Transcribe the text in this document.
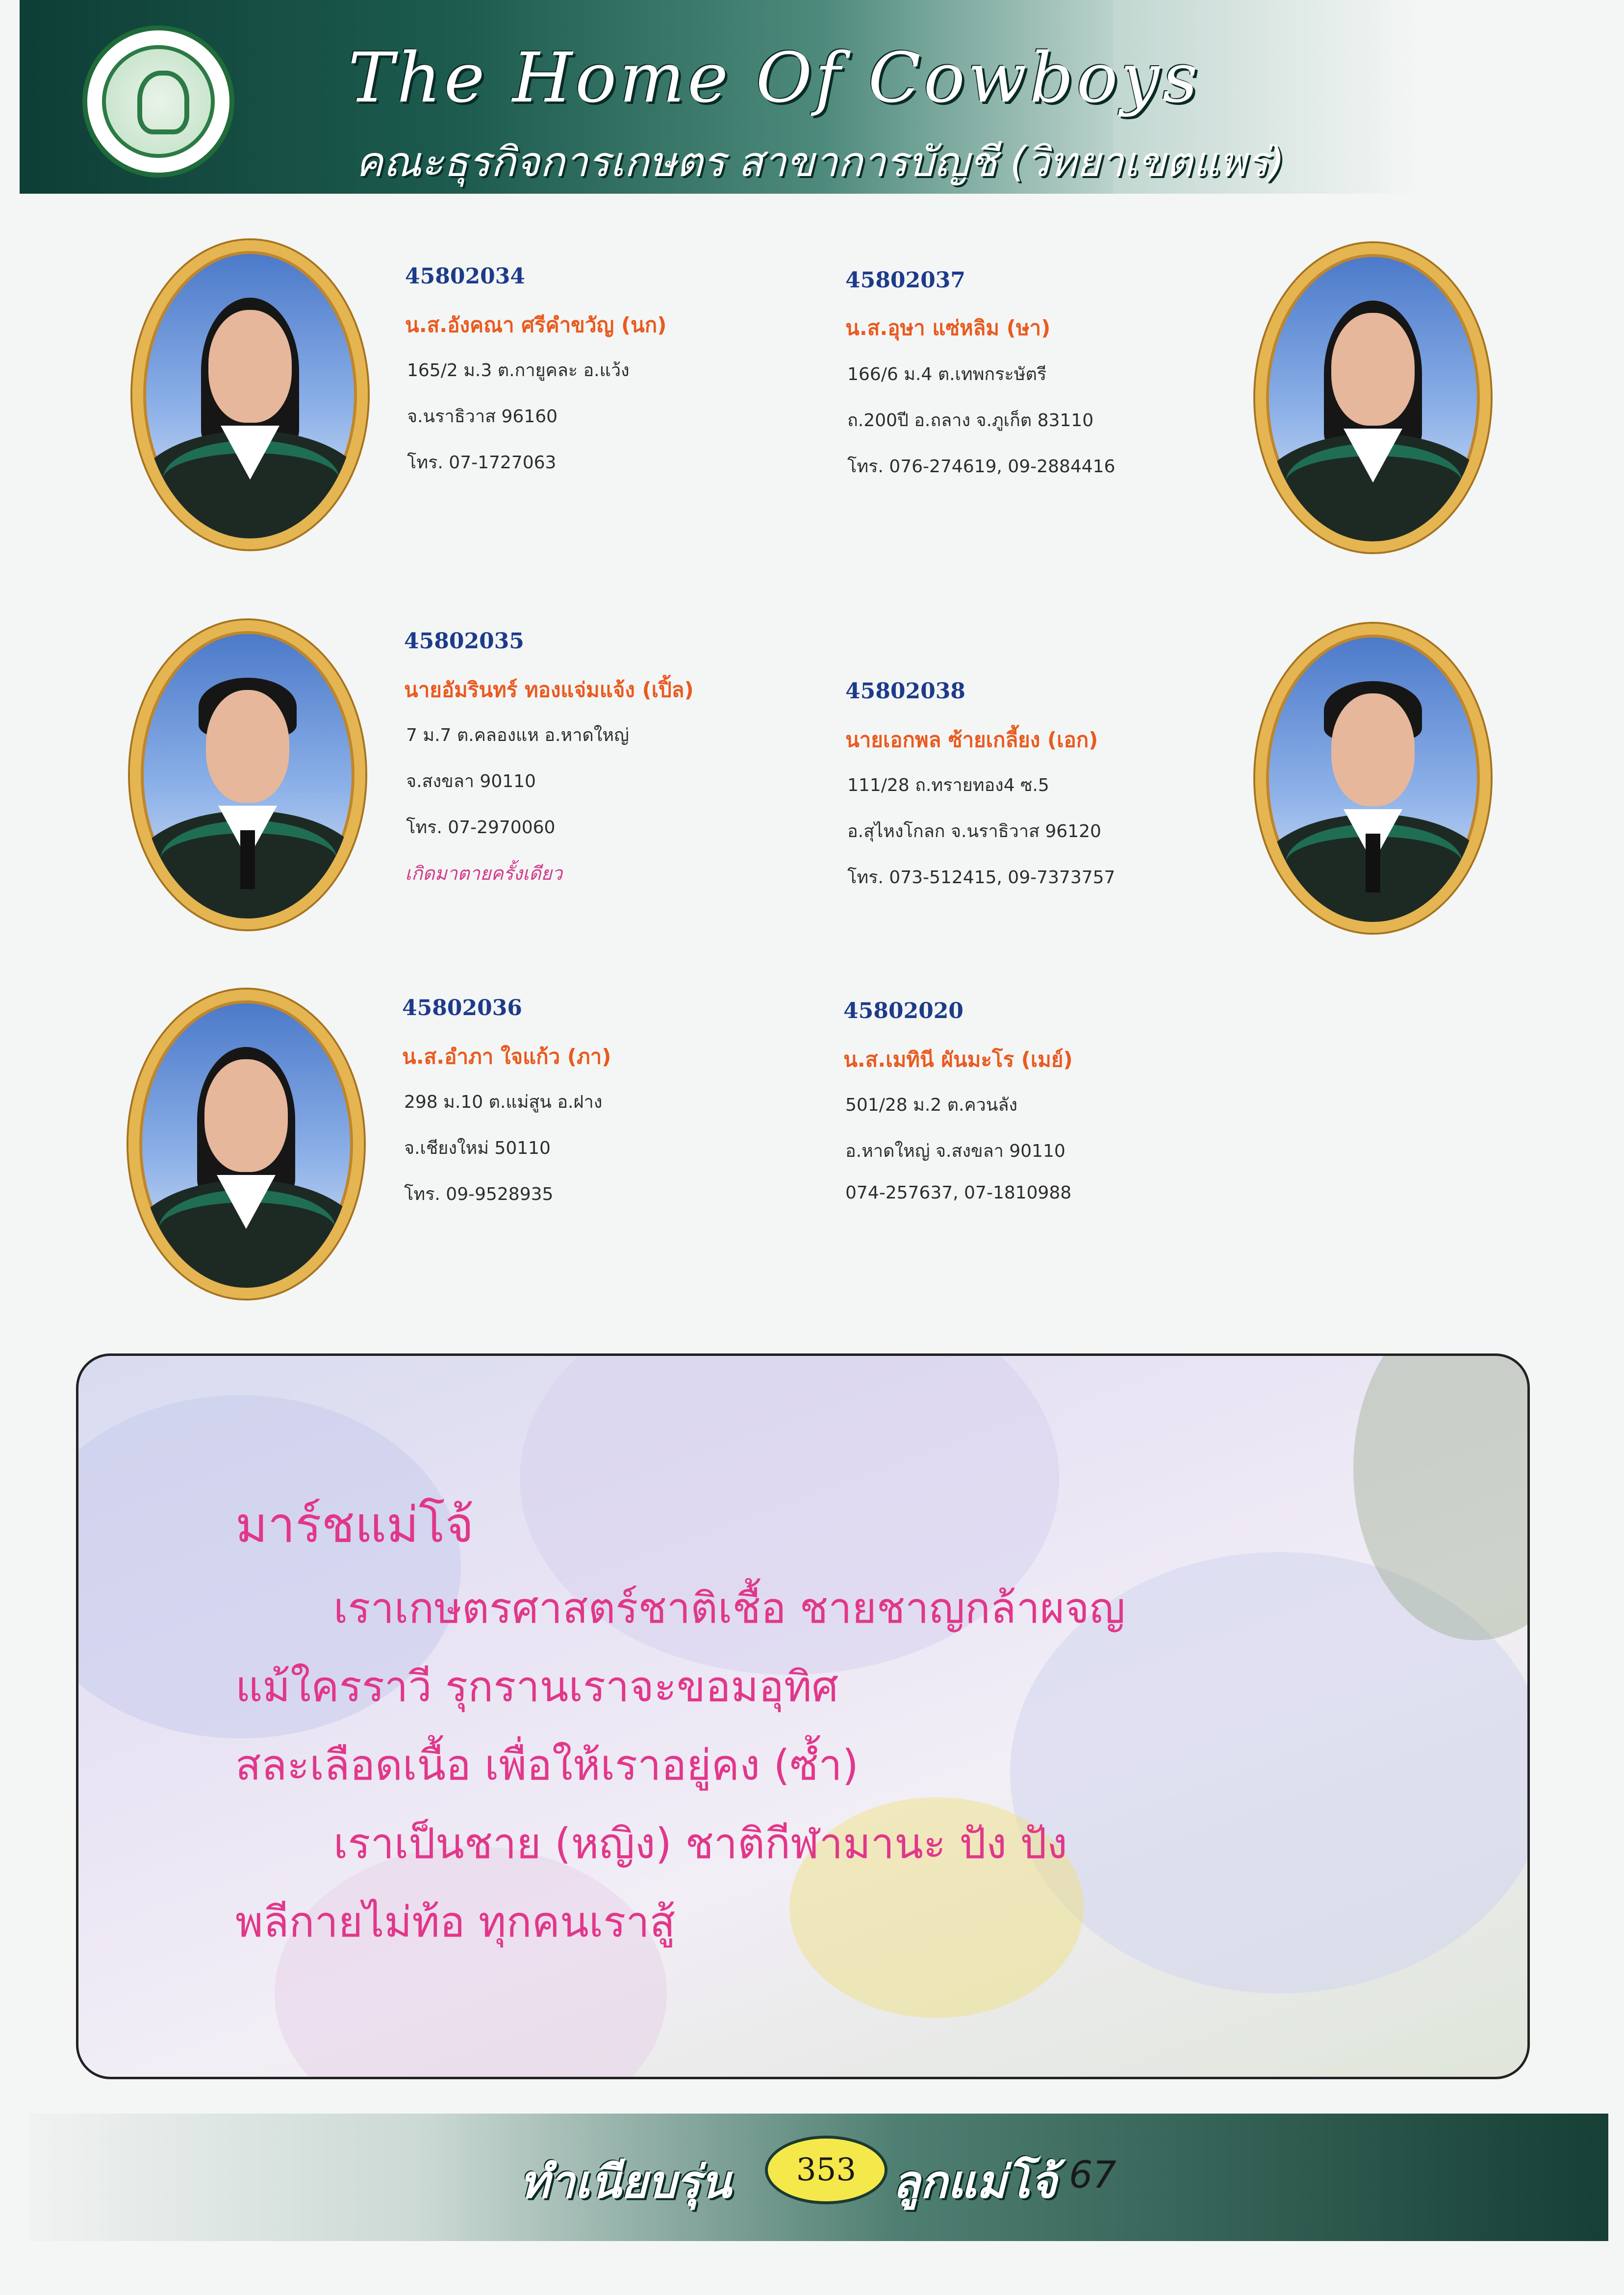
The Home Of Cowboys
คณะธุรกิจการเกษตร สาขาการบัญชี (วิทยาเขตแพร่)
45802034
น.ส.อังคณา ศรีคำขวัญ (นก)
165/2 ม.3 ต.กายูคละ อ.แว้ง
จ.นราธิวาส 96160
โทร. 07-1727063
45802037
น.ส.อุษา แซ่หลิม (ษา)
166/6 ม.4 ต.เทพกระษัตรี
ถ.200ปี อ.ถลาง จ.ภูเก็ต 83110
โทร. 076-274619, 09-2884416
45802035
นายอัมรินทร์ ทองแจ่มแจ้ง (เปิ้ล)
7 ม.7 ต.คลองแห อ.หาดใหญ่
จ.สงขลา 90110
โทร. 07-2970060
เกิดมาตายครั้งเดียว
45802038
นายเอกพล ซ้ายเกลี้ยง (เอก)
111/28 ถ.ทรายทอง4 ซ.5
อ.สุไหงโกลก จ.นราธิวาส 96120
โทร. 073-512415, 09-7373757
45802036
น.ส.อำภา ใจแก้ว (ภา)
298 ม.10 ต.แม่สูน อ.ฝาง
จ.เชียงใหม่ 50110
โทร. 09-9528935
45802020
น.ส.เมทินี ผันมะโร (เมย์)
501/28 ม.2 ต.ควนลัง
อ.หาดใหญ่ จ.สงขลา 90110
074-257637, 07-1810988
มาร์ชแม่โจ้
เราเกษตรศาสตร์ชาติเชื้อ ชายชาญกล้าผจญ
แม้ใครราวี รุกรานเราจะขอมอุทิศ
สละเลือดเนื้อ เพื่อให้เราอยู่คง (ซ้ำ)
เราเป็นชาย (หญิง) ชาติกีฬามานะ ปัง ปัง
พลีกายไม่ท้อ ทุกคนเราสู้
ทำเนียบรุ่น 353 ลูกแม่โจ้ 67
